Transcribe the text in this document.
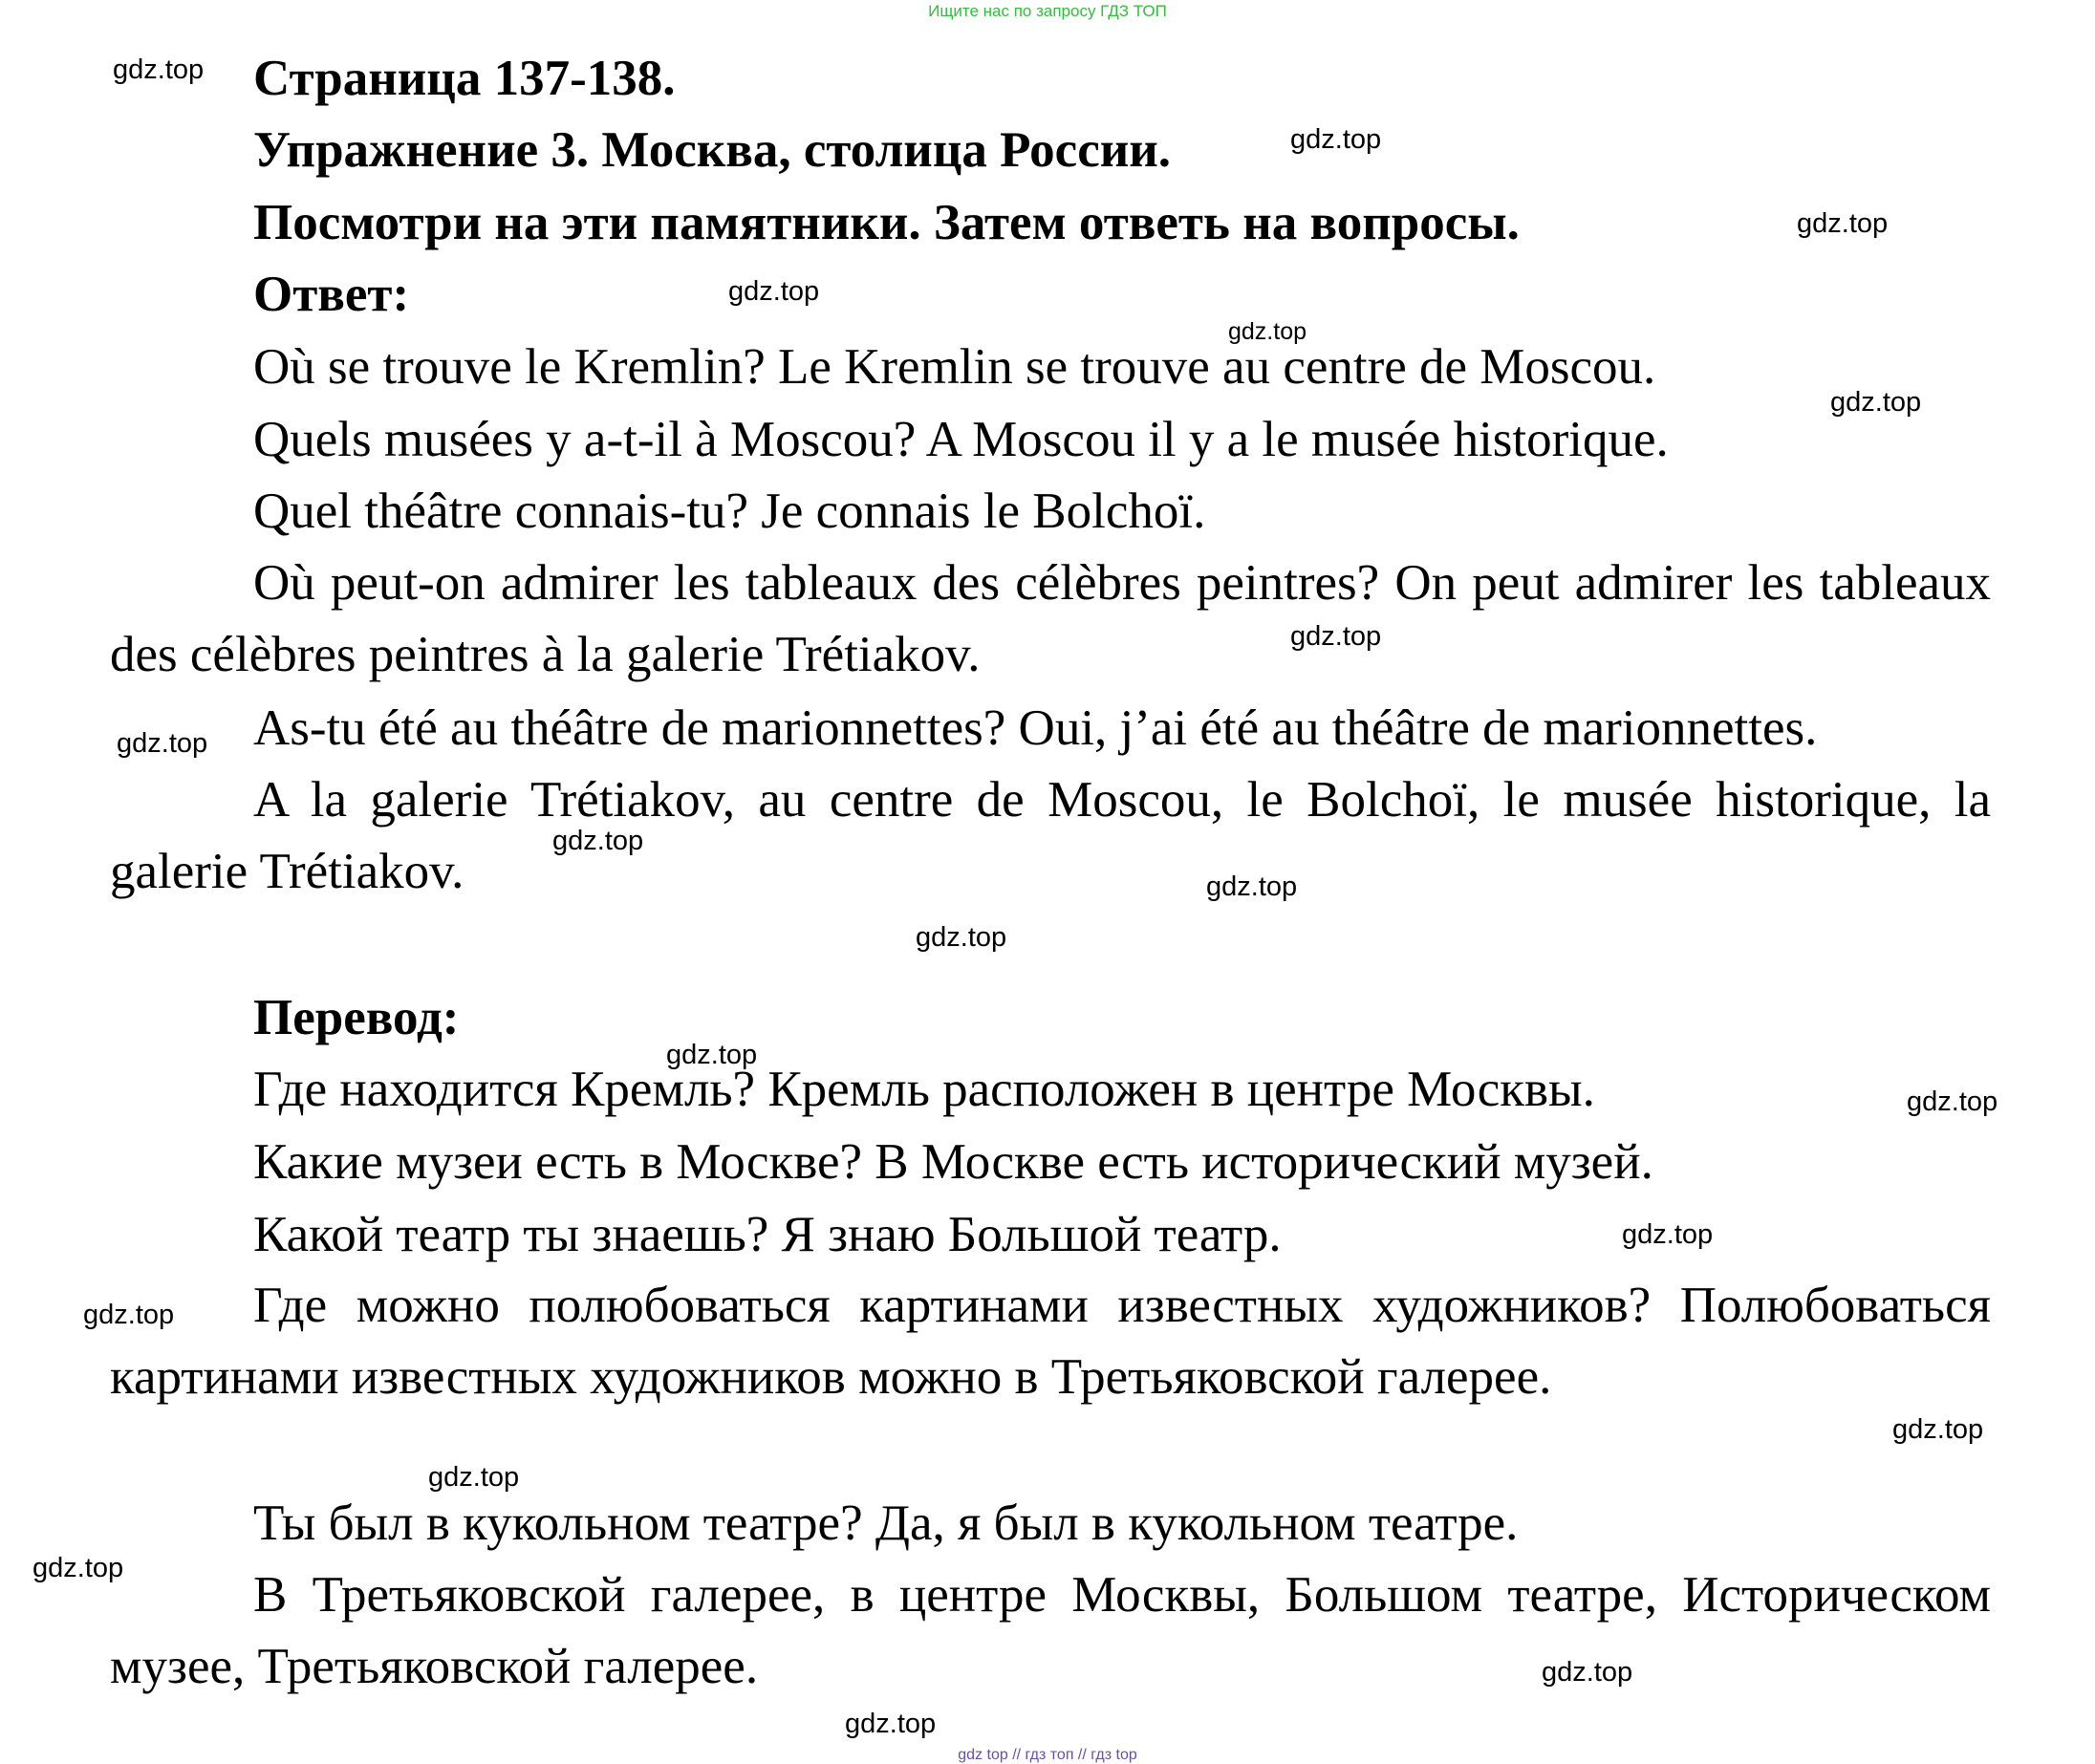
Ищите нас по запросу ГДЗ ТОП
Страница 137-138.
Упражнение 3. Москва, столица России.
Посмотри на эти памятники. Затем ответь на вопросы.
Ответ:
Où se trouve le Kremlin? Le Kremlin se trouve au centre de Moscou.
Quels musées y a-t-il à Moscou? A Moscou il y a le musée historique.
Quel théâtre connais-tu? Je connais le Bolchoï.
Où peut-on admirer les tableaux des célèbres peintres? On peut admirer les tableaux des célèbres peintres à la galerie Trétiakov.
As-tu été au théâtre de marionnettes? Oui, j’ai été au théâtre de marionnettes.
A la galerie Trétiakov, au centre de Moscou, le Bolchoï, le musée historique, la galerie Trétiakov.
Перевод:
Где находится Кремль? Кремль расположен в центре Москвы.
Какие музеи есть в Москве? В Москве есть исторический музей.
Какой театр ты знаешь? Я знаю Большой театр.
Где можно полюбоваться картинами известных художников? Полюбоваться картинами известных художников можно в Третьяковской галерее.
Ты был в кукольном театре? Да, я был в кукольном театре.
В Третьяковской галерее, в центре Москвы, Большом театре, Историческом музее, Третьяковской галерее.
gdz.top
gdz.top
gdz.top
gdz.top
gdz.top
gdz.top
gdz.top
gdz.top
gdz.top
gdz.top
gdz.top
gdz.top
gdz.top
gdz.top
gdz.top
gdz.top
gdz.top
gdz.top
gdz.top
gdz.top
gdz top // гдз топ // гдз top
